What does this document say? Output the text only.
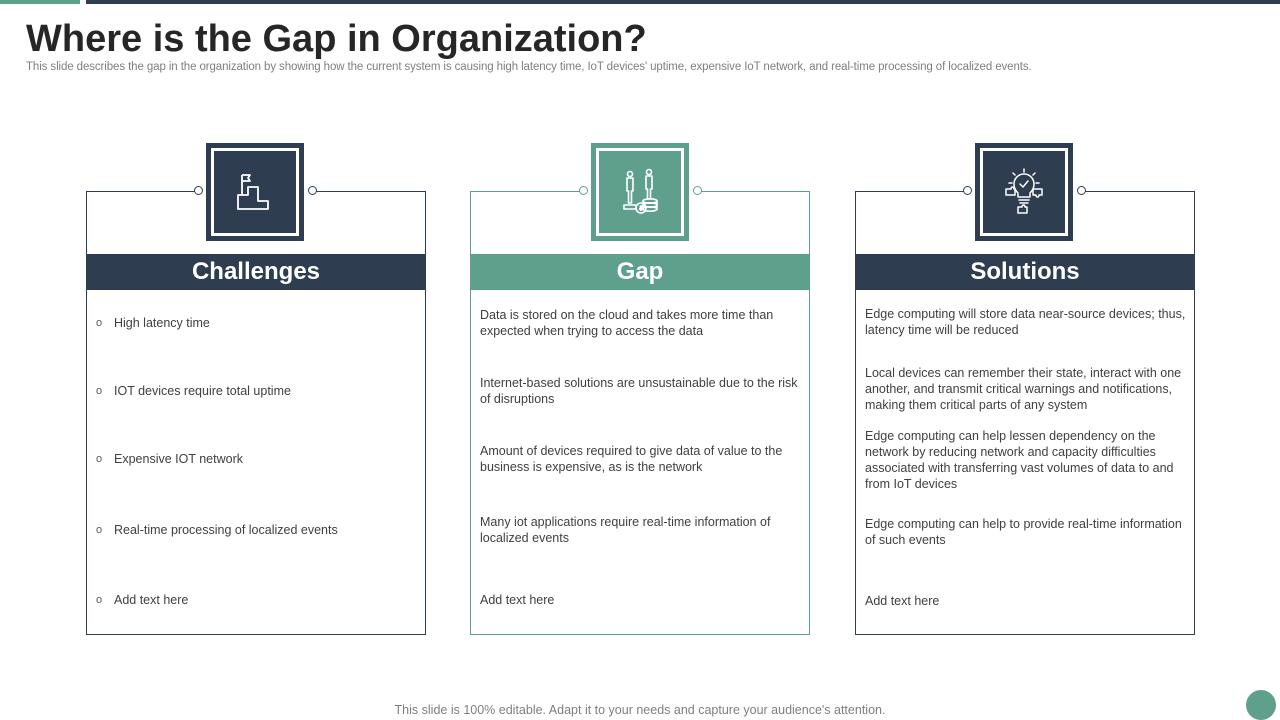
Where is the Gap in Organization?

This slide describes the gap in the organization by showing how the current system is causing high latency time, IoT devices' uptime, expensive IoT network, and real-time processing of localized events.

Challenges	Gap	Solutions
o High latency time
o IOT devices require total uptime
o Expensive IOT network
o Real-time processing of localized events
o Add text here
Data is stored on the cloud and takes more time than expected when trying to access the data
Internet-based solutions are unsustainable due to the risk of disruptions
Amount of devices required to give data of value to the business is expensive, as is the network
Many iot applications require real-time information of localized events
Add text here
Edge computing will store data near-source devices; thus, latency time will be reduced
Local devices can remember their state, interact with one another, and transmit critical warnings and notifications, making them critical parts of any system
Edge computing can help lessen dependency on the network by reducing network and capacity difficulties associated with transferring vast volumes of data to and from IoT devices
Edge computing can help to provide real-time information of such events
Add text here

This slide is 100% editable. Adapt it to your needs and capture your audience's attention.
